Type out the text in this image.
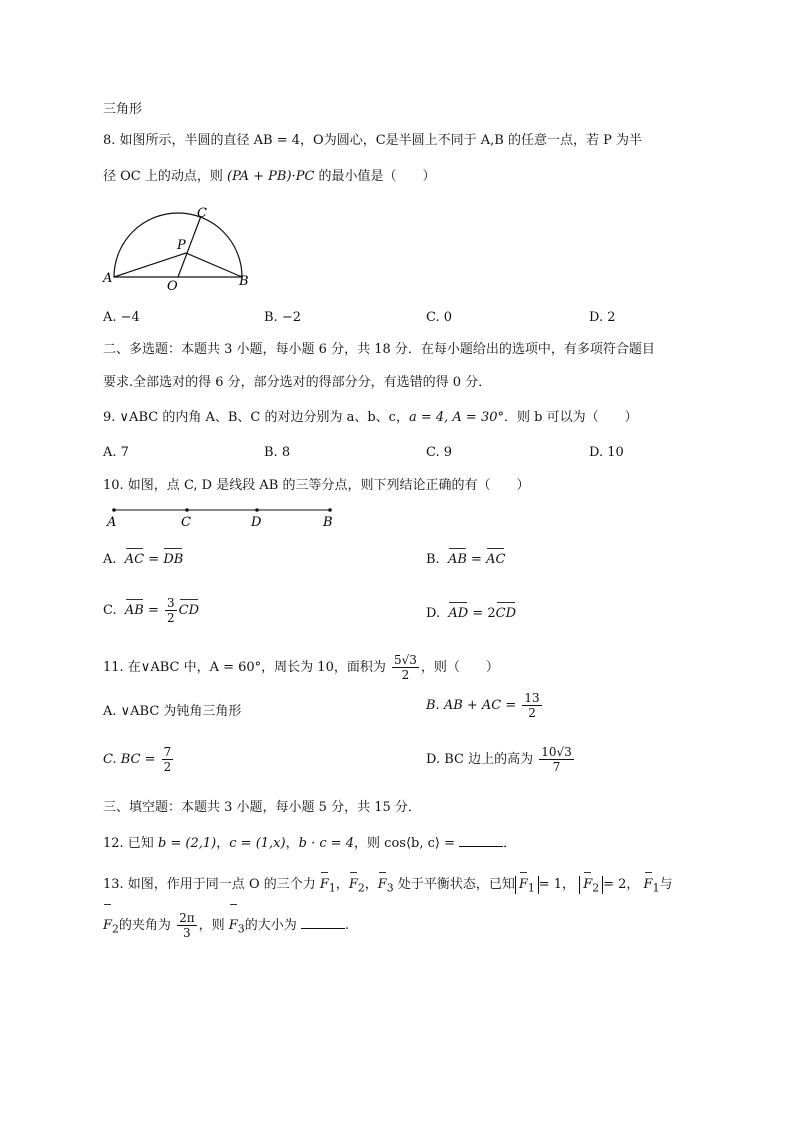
三角形
8. 如图所示，半圆的直径 AB = 4，O为圆心，C是半圆上不同于 A,B 的任意一点，若 P 为半
径 OC 上的动点，则 (PA + PB)·PC 的最小值是（　　）
C
P
A	B
O
A. −4	B. −2	C. 0	D. 2
二、多选题：本题共 3 小题，每小题 6 分，共 18 分．在每小题给出的选项中，有多项符合题目
要求.全部选对的得 6 分，部分选对的得部分分，有选错的得 0 分．
9. ∨ABC 的内角 A、B、C 的对边分别为 a、b、c，a = 4, A = 30°．则 b 可以为（　　）
A. 7	B. 8	C. 9	D. 10
10. 如图，点 C, D 是线段 AB 的三等分点，则下列结论正确的有（　　）
A	C	D	B
A. AC = DB	B. AB = AC
C. AB = $\frac{3}{2}$ CD	D. AD = 2CD
11. 在∨ABC 中，A = 60°，周长为 10，面积为 $\frac{5√3}{2}$ ，则（　　）
A. ∨ABC 为钝角三角形	B. AB + AC = $\frac{13}{2}$
C. BC = $\frac{7}{2}$	D. BC 边上的高为 $\frac{10√3}{7}$
三、填空题：本题共 3 小题，每小题 5 分，共 15 分．
12. 已知 b = (2,1)，c = (1,x)，b · c = 4，则 cos⟨b, c⟩ =	．
13. 如图，作用于同一点 O 的三个力 $F_1$，$F_2$，$F_3$ 处于平衡状态，已知 $F_1 = 1$， $F_2 = 2$， $F_1$与
$F_2$的夹角为 $\frac{2\pi}{3}$ ，则 $F_3$的大小为	.
